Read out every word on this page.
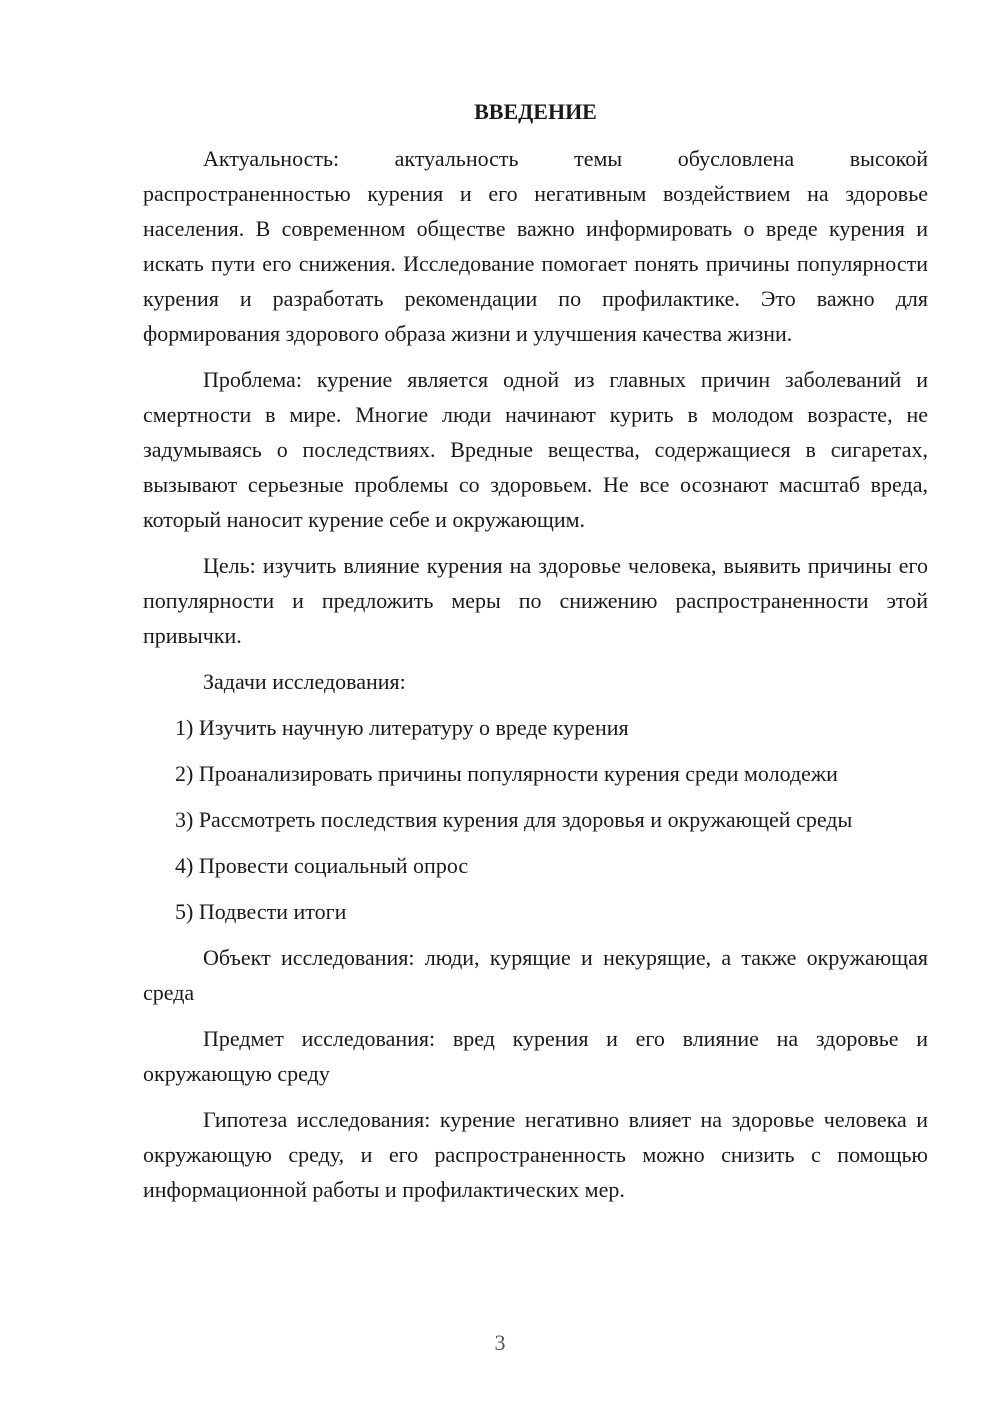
ВВЕДЕНИЕ

Актуальность: актуальность темы обусловлена высокой распространенностью курения и его негативным воздействием на здоровье населения. В современном обществе важно информировать о вреде курения и искать пути его снижения. Исследование помогает понять причины популярности курения и разработать рекомендации по профилактике. Это важно для формирования здорового образа жизни и улучшения качества жизни.

Проблема: курение является одной из главных причин заболеваний и смертности в мире. Многие люди начинают курить в молодом возрасте, не задумываясь о последствиях. Вредные вещества, содержащиеся в сигаретах, вызывают серьезные проблемы со здоровьем. Не все осознают масштаб вреда, который наносит курение себе и окружающим.

Цель: изучить влияние курения на здоровье человека, выявить причины его популярности и предложить меры по снижению распространенности этой привычки.

Задачи исследования:

1) Изучить научную литературу о вреде курения

2) Проанализировать причины популярности курения среди молодежи

3) Рассмотреть последствия курения для здоровья и окружающей среды

4) Провести социальный опрос

5) Подвести итоги

Объект исследования: люди, курящие и некурящие, а также окружающая среда

Предмет исследования: вред курения и его влияние на здоровье и окружающую среду

Гипотеза исследования: курение негативно влияет на здоровье человека и окружающую среду, и его распространенность можно снизить с помощью информационной работы и профилактических мер.

3
